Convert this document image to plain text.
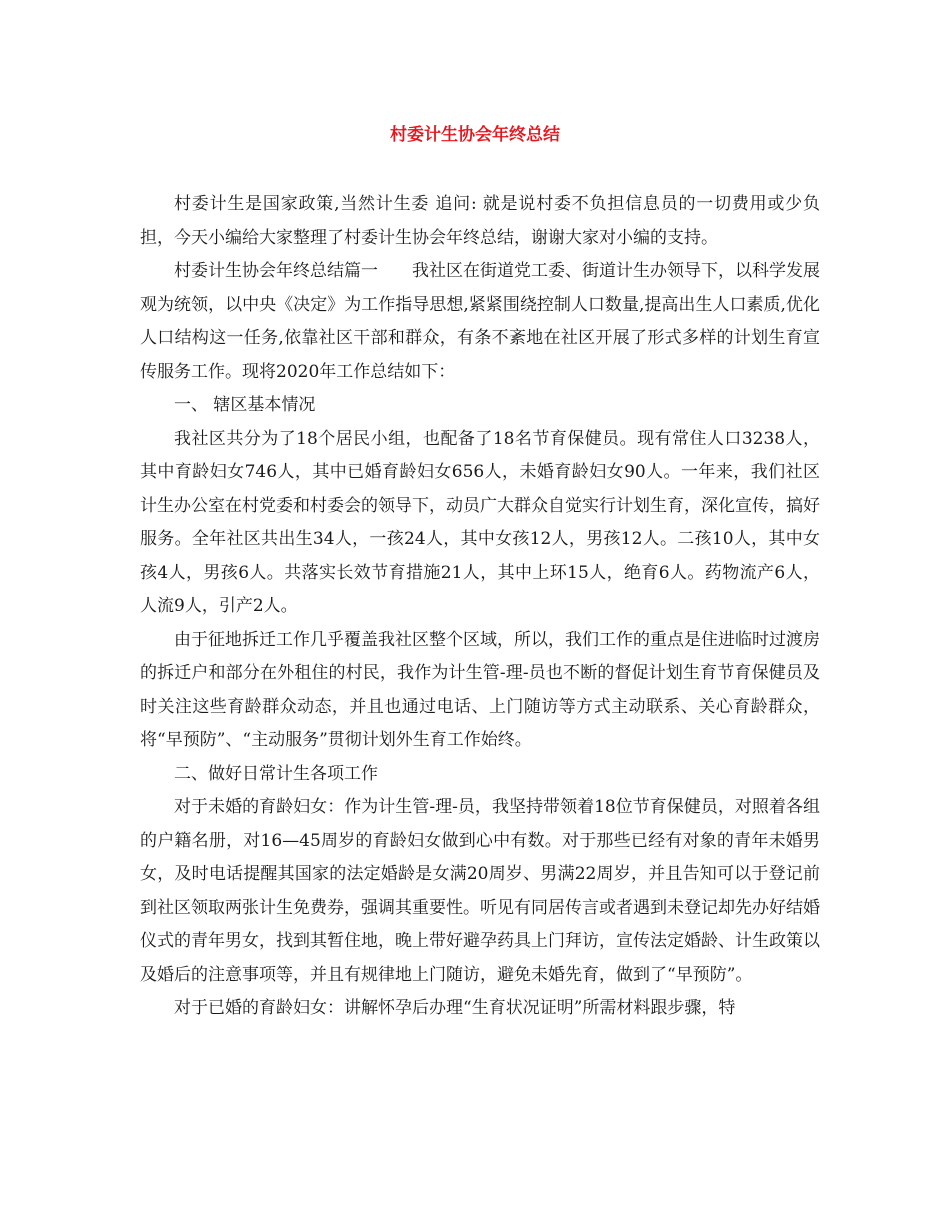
村委计生协会年终总结

村委计生是国家政策,当然计生委 追问: 就是说村委不负担信息员的一切费用或少负担，今天小编给大家整理了村委计生协会年终总结，谢谢大家对小编的支持。

村委计生协会年终总结篇一 我社区在街道党工委、街道计生办领导下，以科学发展观为统领，以中央《决定》为工作指导思想,紧紧围绕控制人口数量,提高出生人口素质,优化人口结构这一任务,依靠社区干部和群众，有条不紊地在社区开展了形式多样的计划生育宣传服务工作。现将2020年工作总结如下：

一、 辖区基本情况

我社区共分为了18个居民小组，也配备了18名节育保健员。现有常住人口3238人，其中育龄妇女746人，其中已婚育龄妇女656人，未婚育龄妇女90人。一年来，我们社区计生办公室在村党委和村委会的领导下，动员广大群众自觉实行计划生育，深化宣传，搞好服务。全年社区共出生34人，一孩24人，其中女孩12人，男孩12人。二孩10人，其中女孩4人，男孩6人。共落实长效节育措施21人，其中上环15人，绝育6人。药物流产6人，人流9人，引产2人。

由于征地拆迁工作几乎覆盖我社区整个区域，所以，我们工作的重点是住进临时过渡房的拆迁户和部分在外租住的村民，我作为计生管-理-员也不断的督促计划生育节育保健员及时关注这些育龄群众动态，并且也通过电话、上门随访等方式主动联系、关心育龄群众，将“早预防”、“主动服务”贯彻计划外生育工作始终。

二、做好日常计生各项工作

对于未婚的育龄妇女：作为计生管-理-员，我坚持带领着18位节育保健员，对照着各组的户籍名册，对16—45周岁的育龄妇女做到心中有数。对于那些已经有对象的青年未婚男女，及时电话提醒其国家的法定婚龄是女满20周岁、男满22周岁，并且告知可以于登记前到社区领取两张计生免费券，强调其重要性。听见有同居传言或者遇到未登记却先办好结婚仪式的青年男女，找到其暂住地，晚上带好避孕药具上门拜访，宣传法定婚龄、计生政策以及婚后的注意事项等，并且有规律地上门随访，避免未婚先育，做到了“早预防”。

对于已婚的育龄妇女：讲解怀孕后办理“生育状况证明”所需材料跟步骤，特
